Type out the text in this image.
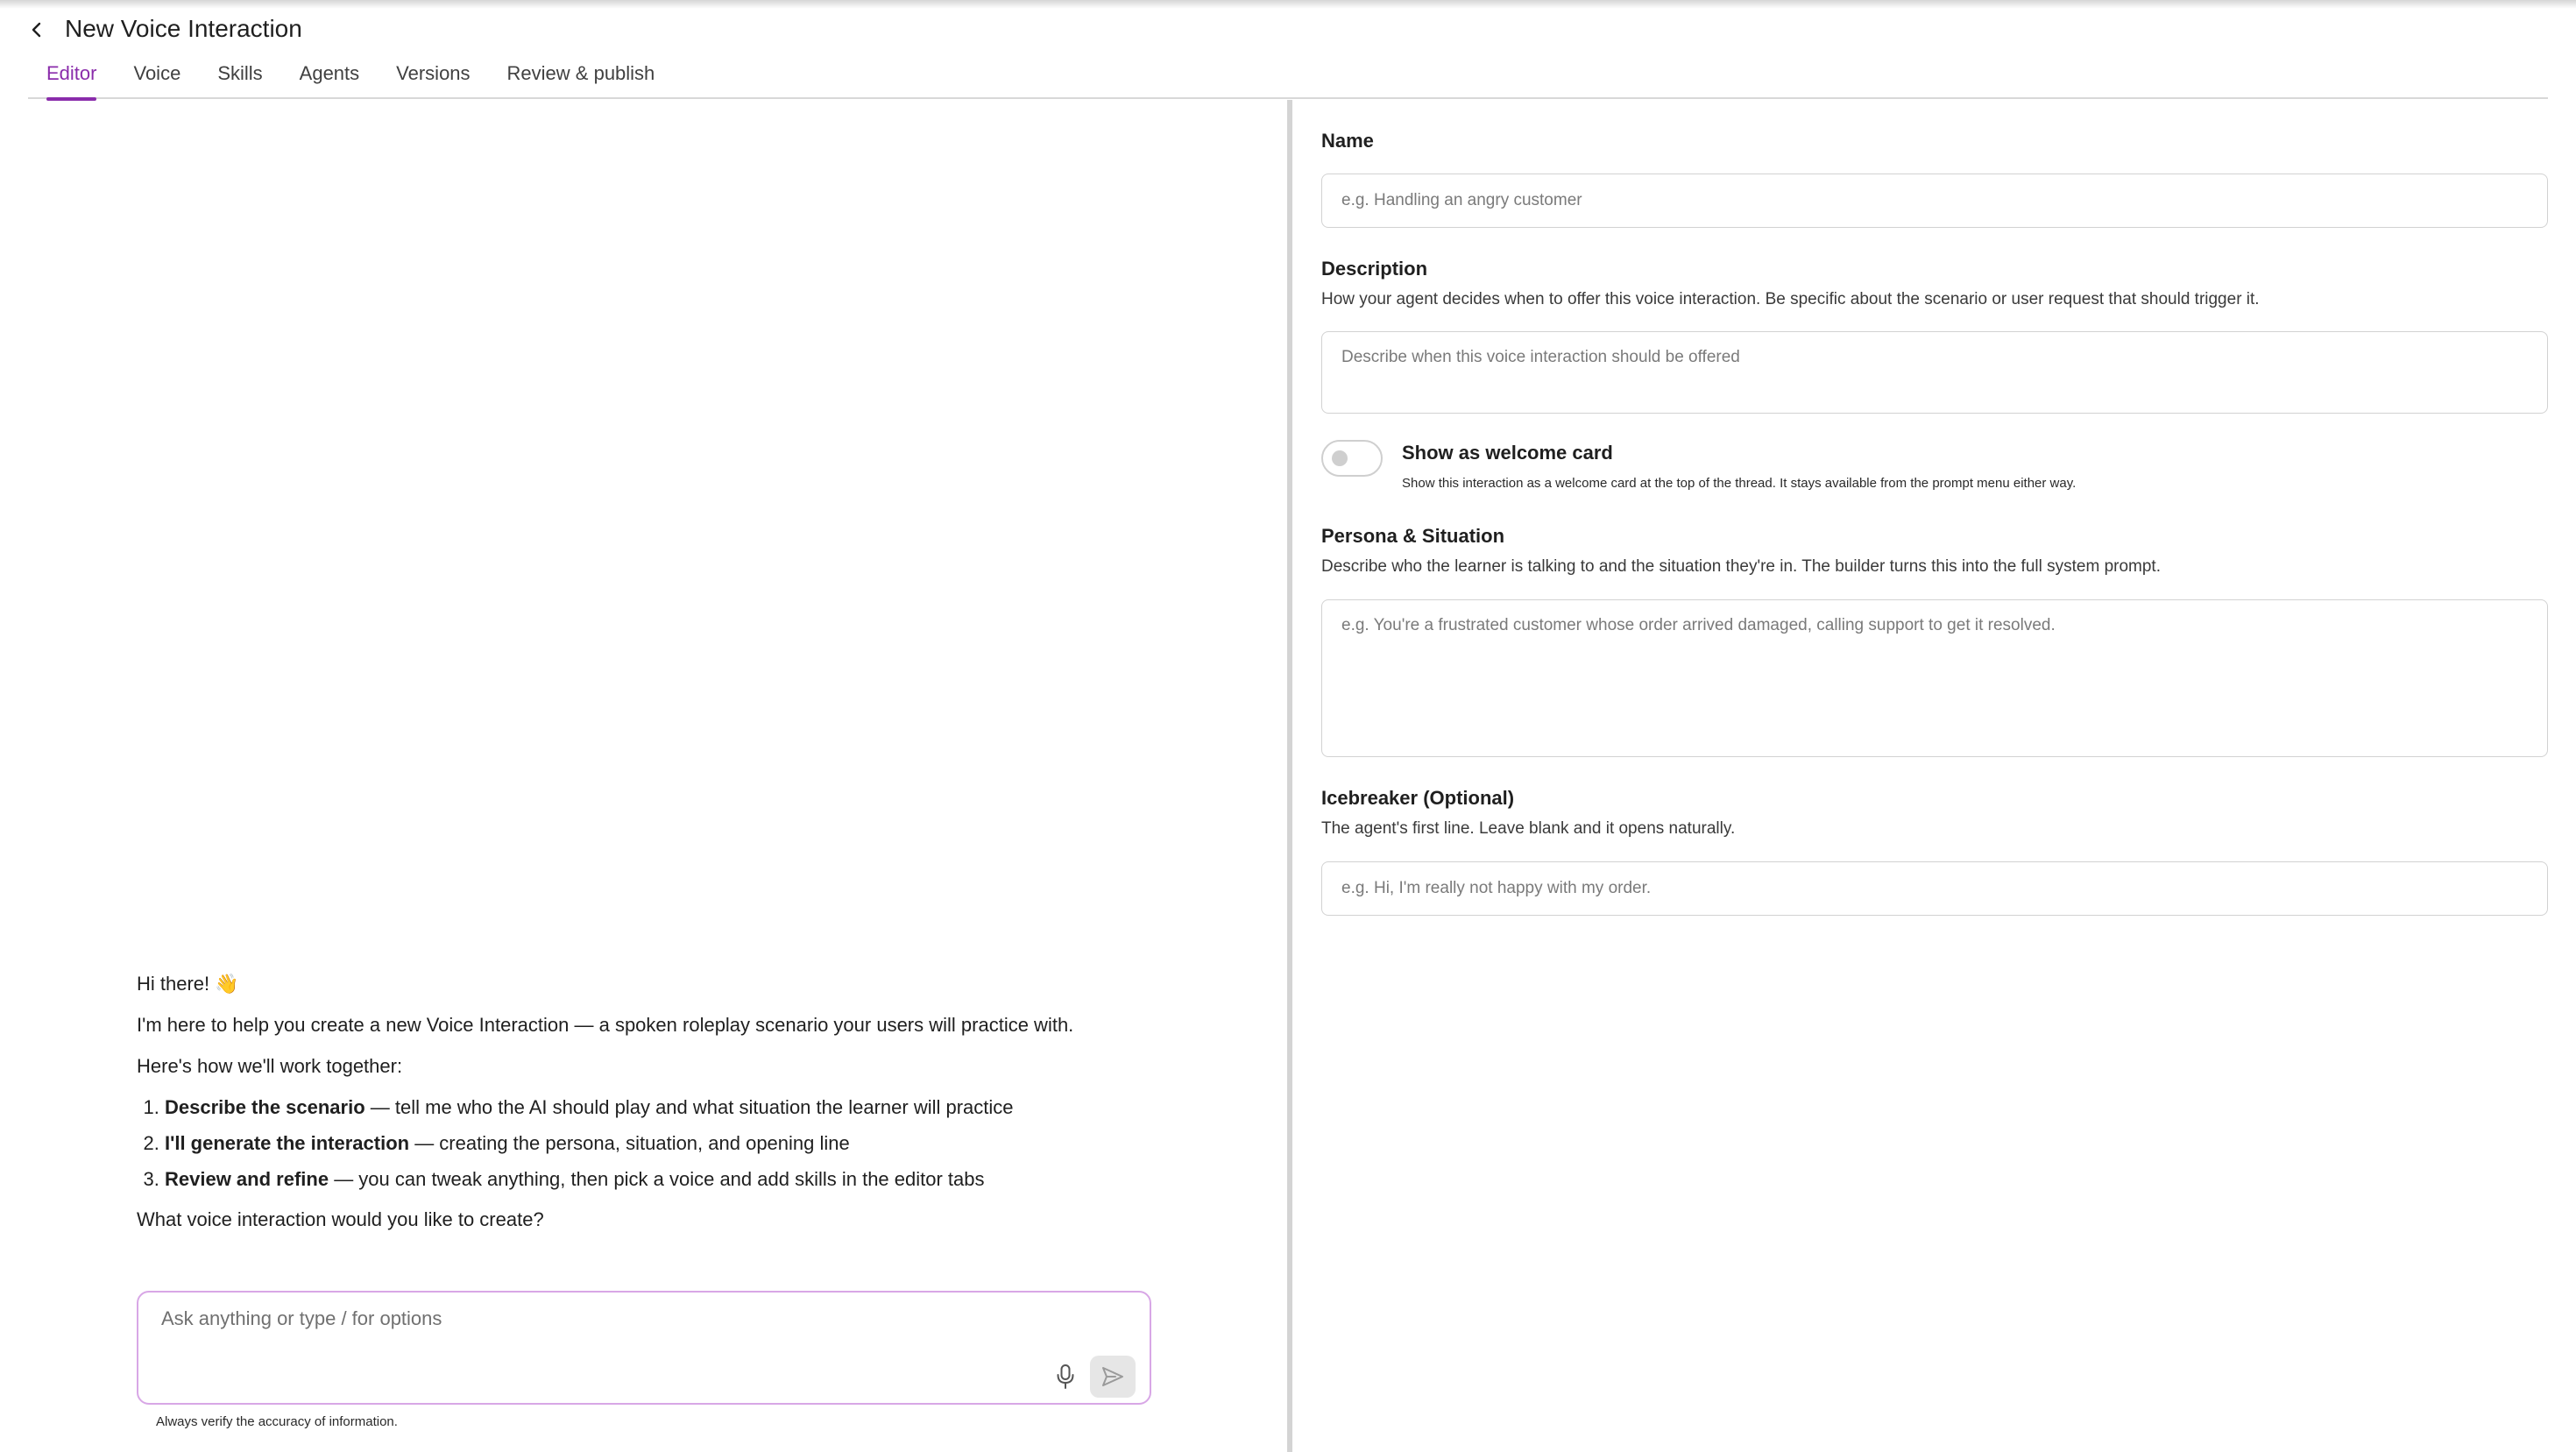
New Voice Interaction
Editor	Voice	Skills	Agents	Versions	Review & publish

Hi there! 👋

I'm here to help you create a new Voice Interaction — a spoken roleplay scenario your users will practice with.

Here's how we'll work together:

1. Describe the scenario — tell me who the AI should play and what situation the learner will practice
2. I'll generate the interaction — creating the persona, situation, and opening line
3. Review and refine — you can tweak anything, then pick a voice and add skills in the editor tabs

What voice interaction would you like to create?

Ask anything or type / for options
Always verify the accuracy of information.
Name
e.g. Handling an angry customer
Description
How your agent decides when to offer this voice interaction. Be specific about the scenario or user request that should trigger it.
Describe when this voice interaction should be offered
Show as welcome card
Show this interaction as a welcome card at the top of the thread. It stays available from the prompt menu either way.
Persona & Situation
Describe who the learner is talking to and the situation they're in. The builder turns this into the full system prompt.
e.g. You're a frustrated customer whose order arrived damaged, calling support to get it resolved.
Icebreaker (Optional)
The agent's first line. Leave blank and it opens naturally.
e.g. Hi, I'm really not happy with my order.
